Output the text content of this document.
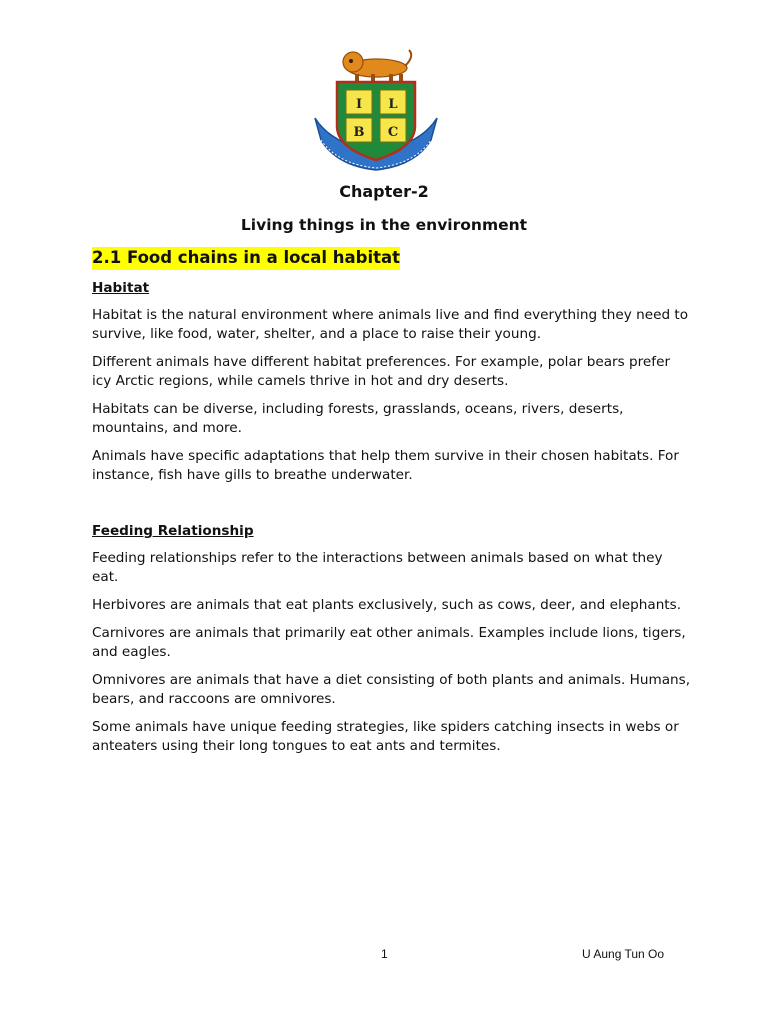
I L
B C
Chapter-2
Living things in the environment
2.1 Food chains in a local habitat
Habitat

Habitat is the natural environment where animals live and find everything they need to survive, like food, water, shelter, and a place to raise their young.

Different animals have different habitat preferences. For example, polar bears prefer icy Arctic regions, while camels thrive in hot and dry deserts.

Habitats can be diverse, including forests, grasslands, oceans, rivers, deserts, mountains, and more.

Animals have specific adaptations that help them survive in their chosen habitats. For instance, fish have gills to breathe underwater.

Feeding Relationship

Feeding relationships refer to the interactions between animals based on what they eat.

Herbivores are animals that eat plants exclusively, such as cows, deer, and elephants.

Carnivores are animals that primarily eat other animals. Examples include lions, tigers, and eagles.

Omnivores are animals that have a diet consisting of both plants and animals. Humans, bears, and raccoons are omnivores.

Some animals have unique feeding strategies, like spiders catching insects in webs or anteaters using their long tongues to eat ants and termites.

1	U Aung Tun Oo
